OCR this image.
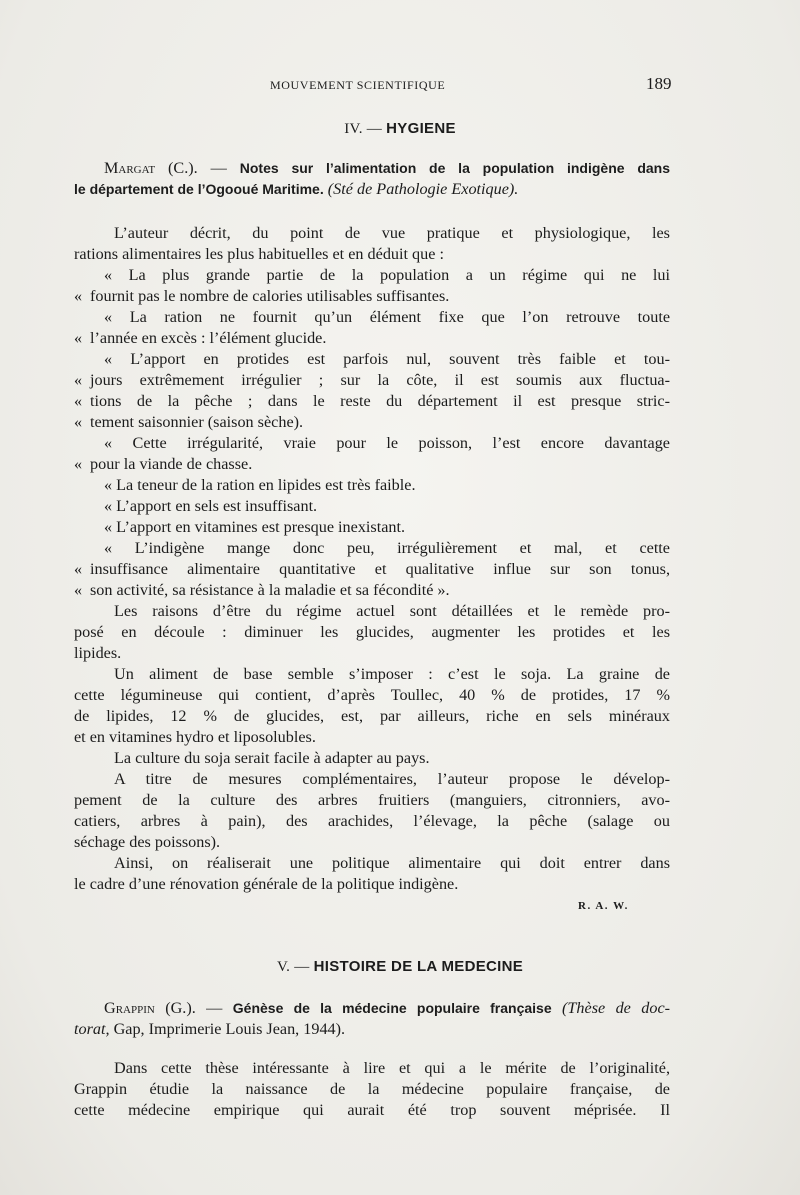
MOUVEMENT SCIENTIFIQUE	189
IV. — HYGIENE
Margat (C.). — Notes sur l’alimentation de la population indigène dans
le département de l’Ogooué Maritime. (Sté de Pathologie Exotique).
L’auteur décrit, du point de vue pratique et physiologique, les
rations alimentaires les plus habituelles et en déduit que :
« La plus grande partie de la population a un régime qui ne lui
« fournit pas le nombre de calories utilisables suffisantes.
« La ration ne fournit qu’un élément fixe que l’on retrouve toute
« l’année en excès : l’élément glucide.
« L’apport en protides est parfois nul, souvent très faible et tou-
« jours extrêmement irrégulier ; sur la côte, il est soumis aux fluctua-
« tions de la pêche ; dans le reste du département il est presque stric-
« tement saisonnier (saison sèche).
« Cette irrégularité, vraie pour le poisson, l’est encore davantage
« pour la viande de chasse.
« La teneur de la ration en lipides est très faible.
« L’apport en sels est insuffisant.
« L’apport en vitamines est presque inexistant.
« L’indigène mange donc peu, irrégulièrement et mal, et cette
« insuffisance alimentaire quantitative et qualitative influe sur son tonus,
« son activité, sa résistance à la maladie et sa fécondité ».
Les raisons d’être du régime actuel sont détaillées et le remède pro-
posé en découle : diminuer les glucides, augmenter les protides et les
lipides.
Un aliment de base semble s’imposer : c’est le soja. La graine de
cette légumineuse qui contient, d’après Toullec, 40 % de protides, 17 %
de lipides, 12 % de glucides, est, par ailleurs, riche en sels minéraux
et en vitamines hydro et liposolubles.
La culture du soja serait facile à adapter au pays.
A titre de mesures complémentaires, l’auteur propose le dévelop-
pement de la culture des arbres fruitiers (manguiers, citronniers, avo-
catiers, arbres à pain), des arachides, l’élevage, la pêche (salage ou
séchage des poissons).
Ainsi, on réaliserait une politique alimentaire qui doit entrer dans
le cadre d’une rénovation générale de la politique indigène.
R. A. W.
V. — HISTOIRE DE LA MEDECINE
Grappin (G.). — Génèse de la médecine populaire française (Thèse de doc-
torat, Gap, Imprimerie Louis Jean, 1944).
Dans cette thèse intéressante à lire et qui a le mérite de l’originalité,
Grappin étudie la naissance de la médecine populaire française, de
cette médecine empirique qui aurait été trop souvent méprisée. Il
